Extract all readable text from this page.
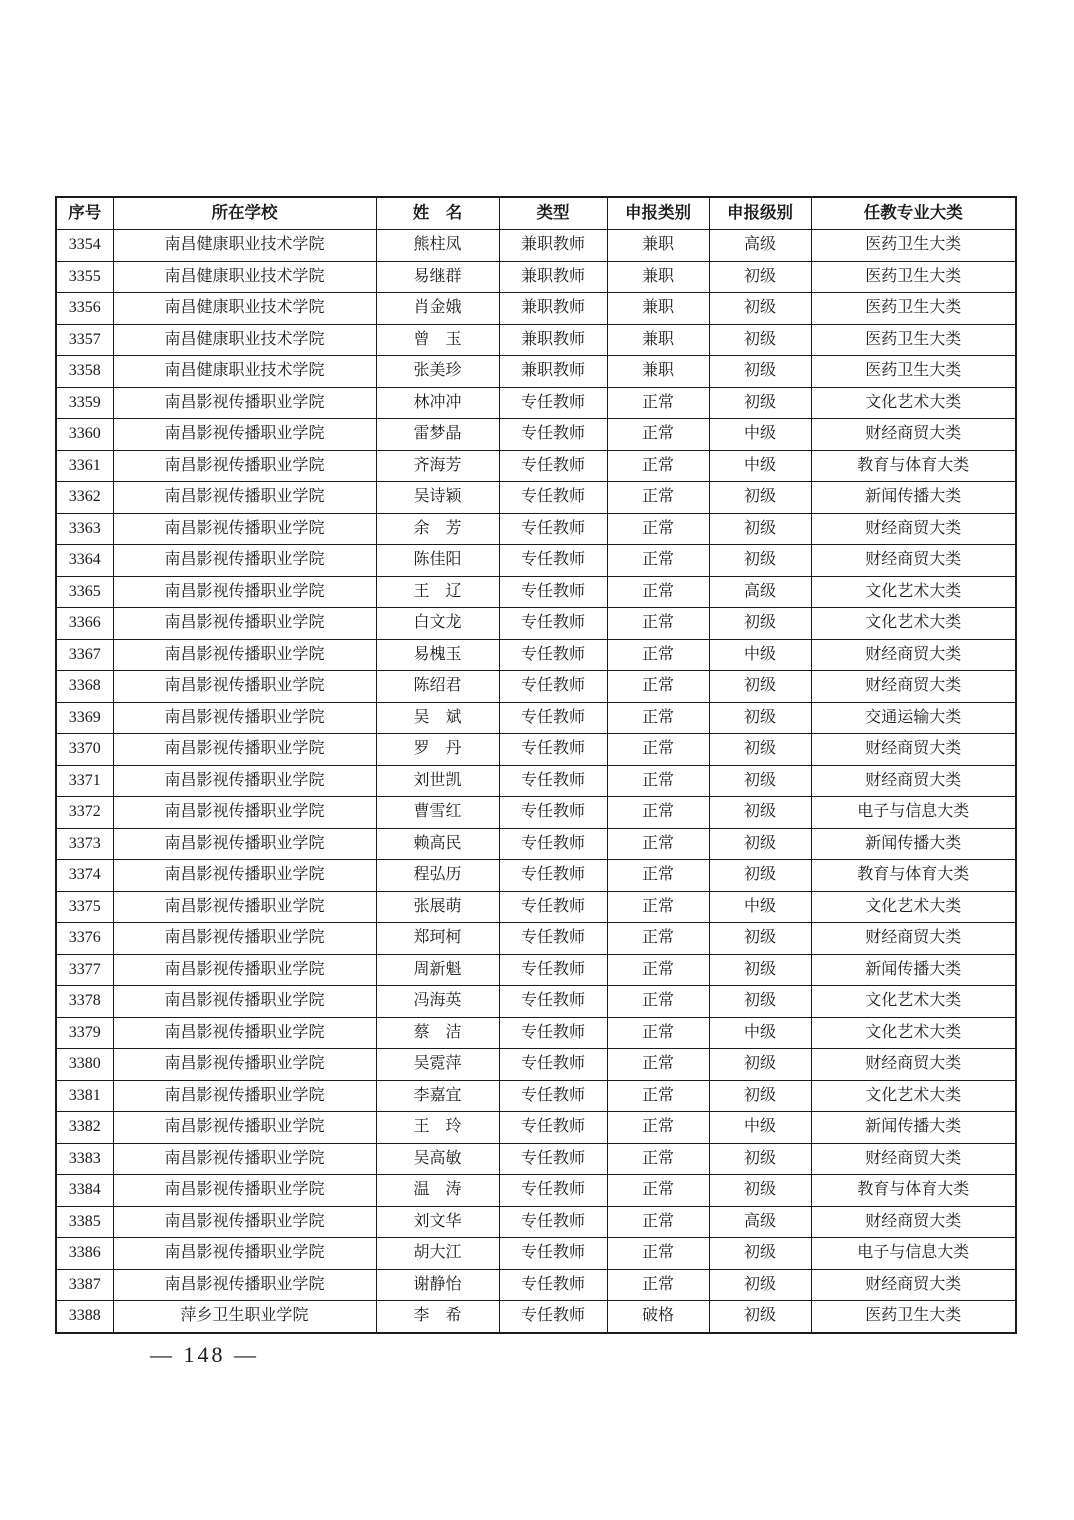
序号	所在学校	姓　名	类型	申报类别	申报级别	任教专业大类
3354	南昌健康职业技术学院	熊柱凤	兼职教师	兼职	高级	医药卫生大类
3355	南昌健康职业技术学院	易继群	兼职教师	兼职	初级	医药卫生大类
3356	南昌健康职业技术学院	肖金娥	兼职教师	兼职	初级	医药卫生大类
3357	南昌健康职业技术学院	曾　玉	兼职教师	兼职	初级	医药卫生大类
3358	南昌健康职业技术学院	张美珍	兼职教师	兼职	初级	医药卫生大类
3359	南昌影视传播职业学院	林冲冲	专任教师	正常	初级	文化艺术大类
3360	南昌影视传播职业学院	雷梦晶	专任教师	正常	中级	财经商贸大类
3361	南昌影视传播职业学院	齐海芳	专任教师	正常	中级	教育与体育大类
3362	南昌影视传播职业学院	吴诗颖	专任教师	正常	初级	新闻传播大类
3363	南昌影视传播职业学院	余　芳	专任教师	正常	初级	财经商贸大类
3364	南昌影视传播职业学院	陈佳阳	专任教师	正常	初级	财经商贸大类
3365	南昌影视传播职业学院	王　辽	专任教师	正常	高级	文化艺术大类
3366	南昌影视传播职业学院	白文龙	专任教师	正常	初级	文化艺术大类
3367	南昌影视传播职业学院	易槐玉	专任教师	正常	中级	财经商贸大类
3368	南昌影视传播职业学院	陈绍君	专任教师	正常	初级	财经商贸大类
3369	南昌影视传播职业学院	吴　斌	专任教师	正常	初级	交通运输大类
3370	南昌影视传播职业学院	罗　丹	专任教师	正常	初级	财经商贸大类
3371	南昌影视传播职业学院	刘世凯	专任教师	正常	初级	财经商贸大类
3372	南昌影视传播职业学院	曹雪红	专任教师	正常	初级	电子与信息大类
3373	南昌影视传播职业学院	赖高民	专任教师	正常	初级	新闻传播大类
3374	南昌影视传播职业学院	程弘历	专任教师	正常	初级	教育与体育大类
3375	南昌影视传播职业学院	张展萌	专任教师	正常	中级	文化艺术大类
3376	南昌影视传播职业学院	郑珂柯	专任教师	正常	初级	财经商贸大类
3377	南昌影视传播职业学院	周新魁	专任教师	正常	初级	新闻传播大类
3378	南昌影视传播职业学院	冯海英	专任教师	正常	初级	文化艺术大类
3379	南昌影视传播职业学院	蔡　洁	专任教师	正常	中级	文化艺术大类
3380	南昌影视传播职业学院	吴霓萍	专任教师	正常	初级	财经商贸大类
3381	南昌影视传播职业学院	李嘉宜	专任教师	正常	初级	文化艺术大类
3382	南昌影视传播职业学院	王　玲	专任教师	正常	中级	新闻传播大类
3383	南昌影视传播职业学院	吴高敏	专任教师	正常	初级	财经商贸大类
3384	南昌影视传播职业学院	温　涛	专任教师	正常	初级	教育与体育大类
3385	南昌影视传播职业学院	刘文华	专任教师	正常	高级	财经商贸大类
3386	南昌影视传播职业学院	胡大江	专任教师	正常	初级	电子与信息大类
3387	南昌影视传播职业学院	谢静怡	专任教师	正常	初级	财经商贸大类
3388	萍乡卫生职业学院	李　希	专任教师	破格	初级	医药卫生大类
— 148 —
